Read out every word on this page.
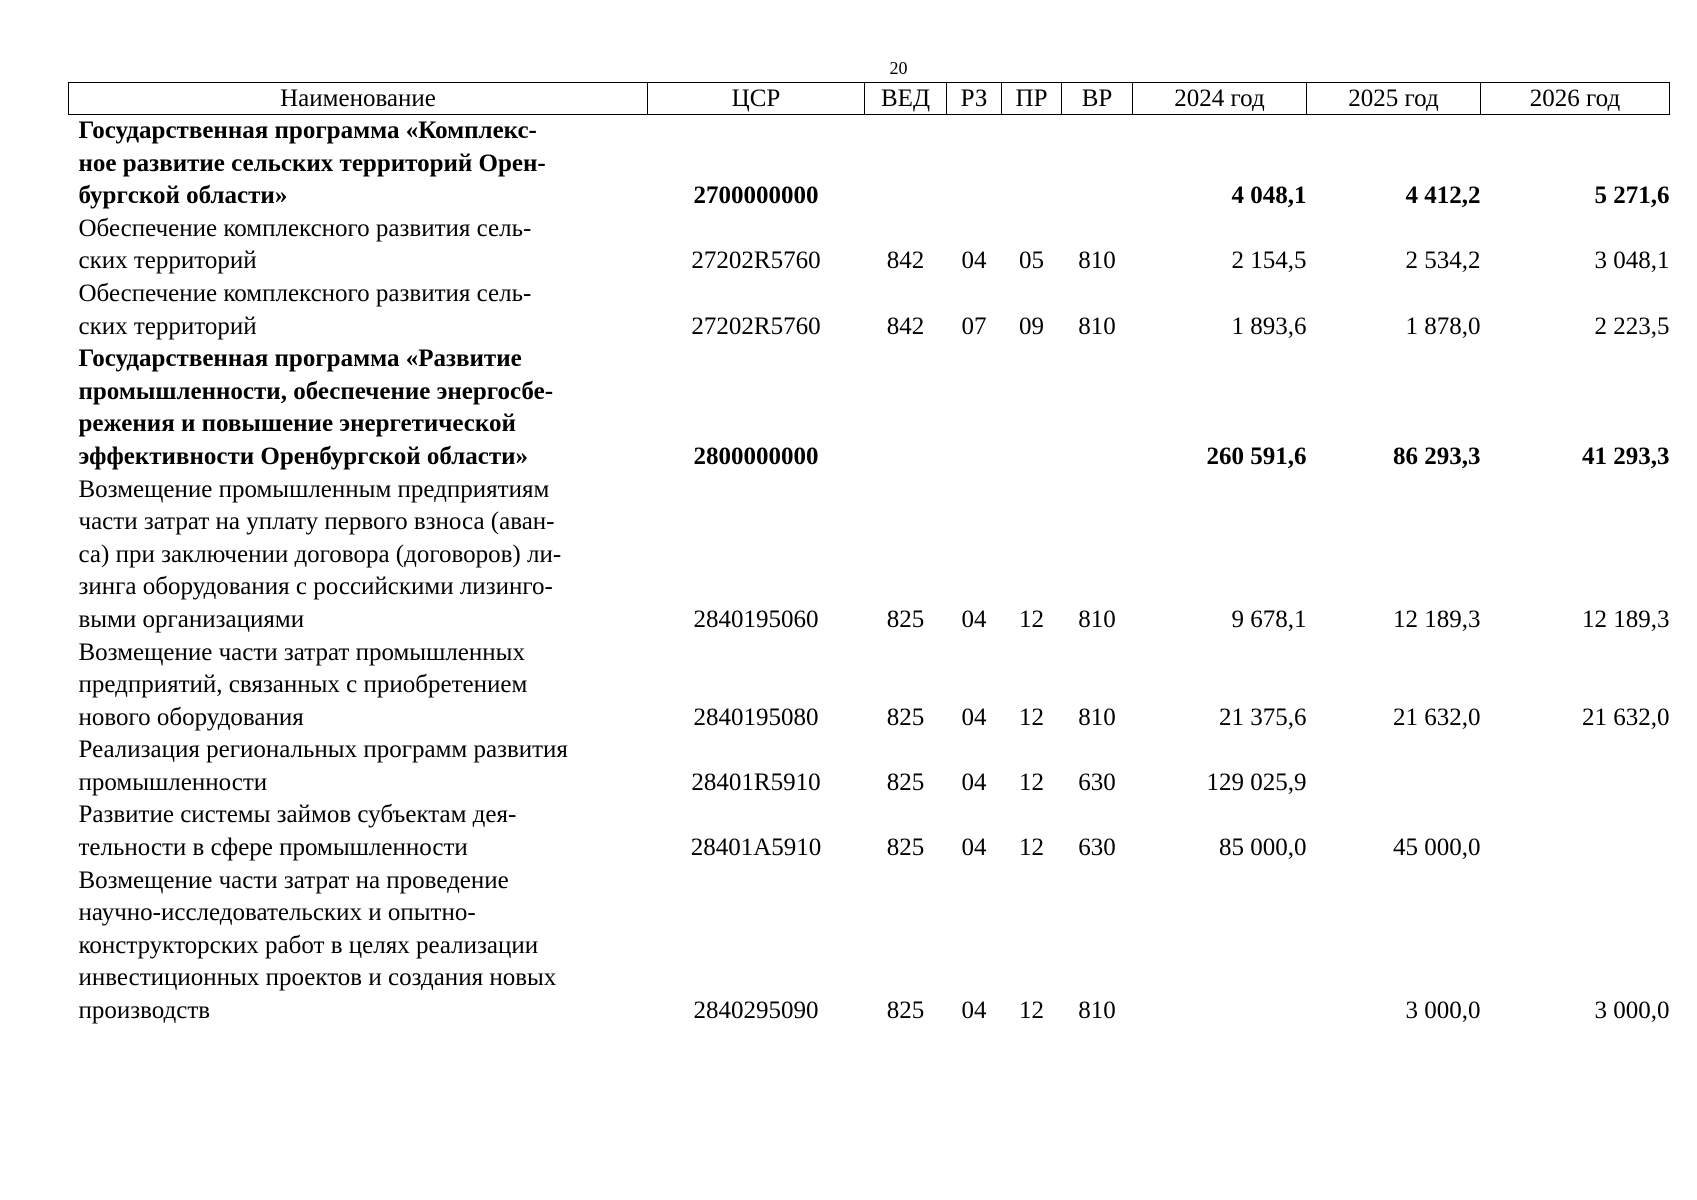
20
Наименование	ЦСР	ВЕД	РЗ	ПР	ВР	2024 год	2025 год	2026 год

Государственная программа «Комплекс-
ное развитие сельских территорий Орен-
бургской области»	2700000000					4 048,1	4 412,2	5 271,6

Обеспечение комплексного развития сель-
ских территорий	27202R5760	842	04	05	810	2 154,5	2 534,2	3 048,1

Обеспечение комплексного развития сель-
ских территорий	27202R5760	842	07	09	810	1 893,6	1 878,0	2 223,5

Государственная программа «Развитие
промышленности, обеспечение энергосбе-
режения и повышение энергетической
эффективности Оренбургской области»	2800000000					260 591,6	86 293,3	41 293,3

Возмещение промышленным предприятиям
части затрат на уплату первого взноса (аван-
са) при заключении договора (договоров) ли-
зинга оборудования с российскими лизинго-
выми организациями	2840195060	825	04	12	810	9 678,1	12 189,3	12 189,3

Возмещение части затрат промышленных
предприятий, связанных с приобретением
нового оборудования	2840195080	825	04	12	810	21 375,6	21 632,0	21 632,0

Реализация региональных программ развития
промышленности	28401R5910	825	04	12	630	129 025,9		

Развитие системы займов субъектам дея-
тельности в сфере промышленности	28401A5910	825	04	12	630	85 000,0	45 000,0	

Возмещение части затрат на проведение
научно-исследовательских и опытно-
конструкторских работ в целях реализации
инвестиционных проектов и создания новых
производств	2840295090	825	04	12	810		3 000,0	3 000,0
